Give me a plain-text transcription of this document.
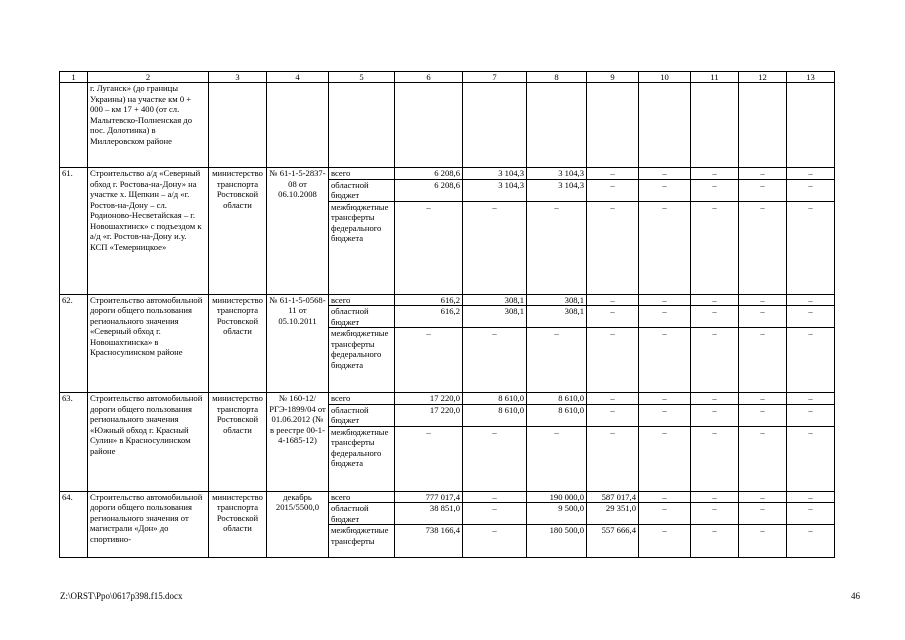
1	2	3	4	5	6	7	8	9	10	11	12	13
	г. Луганск» (до границы Украины) на участке км 0 + 000 – км 17 + 400 (от сл. Малытевско-Полненская до пос. Долотинка) в Миллеровском районе											
61.	Строительство а/д «Северный обход г. Ростова-на-Дону» на участке х. Щепкин – а/д «г. Ростов-на-Дону – сл. Родионово-Несветайская – г. Новошахтинск» с подъездом к а/д «г. Ростов-на-Дону и.у. КСП «Темерницкое»	министерство транспорта Ростовской области	№ 61-1-5-2837-08 от 06.10.2008	всего	6 208,6	3 104,3	3 104,3	–	–	–	–	–
				областной бюджет	6 208,6	3 104,3	3 104,3	–	–	–	–	–
				межбюджетные трансферты федерального бюджета	–	–	–	–	–	–	–	–
62.	Строительство автомобильной дороги общего пользования регионального значения «Северный обход г. Новошахтинска» в Красносулинском районе	министерство транспорта Ростовской области	№ 61-1-5-0568-11 от 05.10.2011	всего	616,2	308,1	308,1	–	–	–	–	–
				областной бюджет	616,2	308,1	308,1	–	–	–	–	–
				межбюджетные трансферты федерального бюджета	–	–	–	–	–	–	–	–
63.	Строительство автомобильной дороги общего пользования регионального значения «Южный обход г. Красный Сулин» в Красносулинском районе	министерство транспорта Ростовской области	№ 160-12/РГЭ-1899/04 от 01.06.2012 (№ в реестре 00-1-4-1685-12)	всего	17 220,0	8 610,0	8 610,0	–	–	–	–	–
				областной бюджет	17 220,0	8 610,0	8 610,0	–	–	–	–	–
				межбюджетные трансферты федерального бюджета	–	–	–	–	–	–	–	–
64.	Строительство автомобильной дороги общего пользования регионального значения от магистрали «Дон» до спортивно-	министерство транспорта Ростовской области	декабрь 2015/5500,0	всего	777 017,4	–	190 000,0	587 017,4	–	–	–	–
				областной бюджет	38 851,0	–	9 500,0	29 351,0	–	–	–	–
				межбюджетные трансферты	738 166,4	–	180 500,0	557 666,4	–	–	–	–
Z:\ORST\Ppo\0617p398.f15.docx	46
